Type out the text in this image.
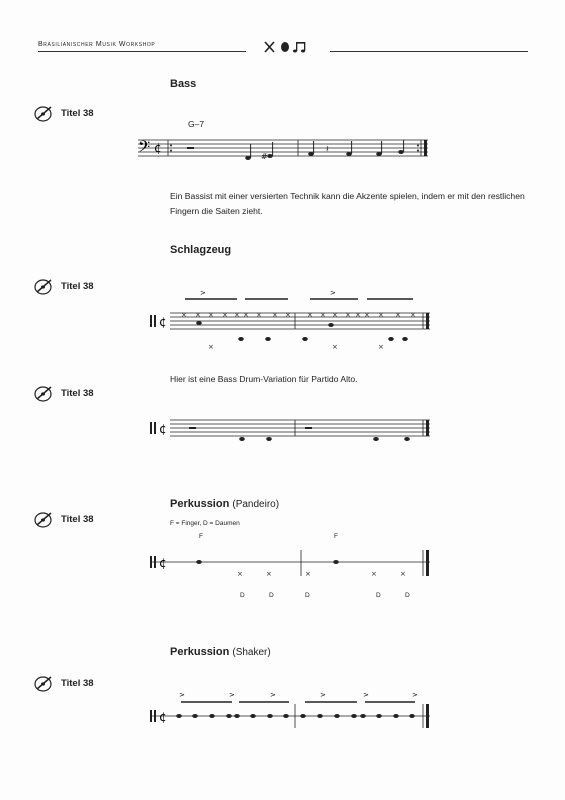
Brasilianischer Musik Workshop
Titel 38
Titel 38
Titel 38
Titel 38
Titel 38
Bass
G–7
𝄢 ¢
#
𝄽
Ein Bassist mit einer versierten Technik kann die Akzente spielen, indem er mit den restlichen Fingern die Saiten zieht.
Schlagzeug
¢ × × × × × × × × × × × × × × × × × ×
×	×	×
>	>
Hier ist eine Bass Drum-Variation für Partido Alto.
¢
Perkussion (Pandeiro)
F = Finger, D = Daumen
¢
×	×	×	×	×
F	F
D	D	D	D	D
Perkussion (Shaker)
¢
>	>	>	>	>	>
